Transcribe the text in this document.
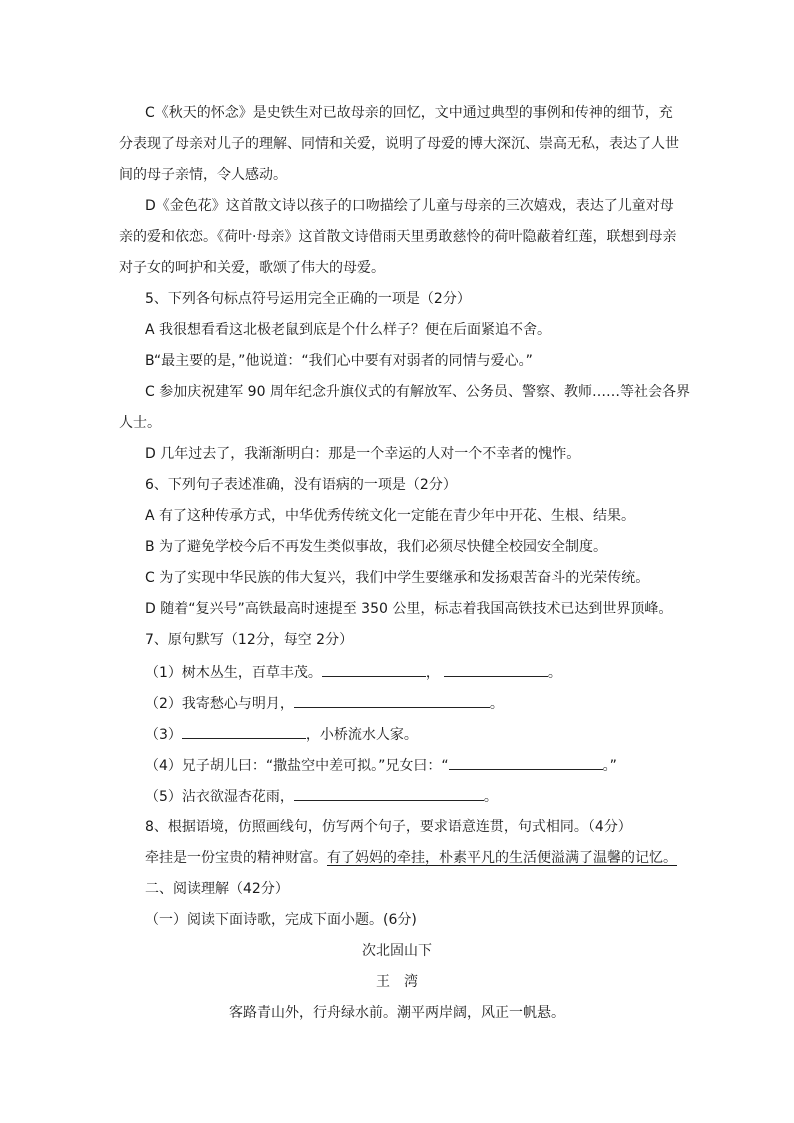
C《秋天的怀念》是史铁生对已故母亲的回忆，文中通过典型的事例和传神的细节，充
分表现了母亲对儿子的理解、同情和关爱，说明了母爱的博大深沉、崇高无私，表达了人世
间的母子亲情，令人感动。
D《金色花》这首散文诗以孩子的口吻描绘了儿童与母亲的三次嬉戏，表达了儿童对母
亲的爱和依恋。《荷叶·母亲》这首散文诗借雨天里勇敢慈怜的荷叶隐蔽着红莲，联想到母亲
对子女的呵护和关爱，歌颂了伟大的母爱。
5、下列各句标点符号运用完全正确的一项是（2分）
A 我很想看看这北极老鼠到底是个什么样子？便在后面紧追不舍。
B“最主要的是，”他说道：“我们心中要有对弱者的同情与爱心。”
C 参加庆祝建军 90 周年纪念升旗仪式的有解放军、公务员、警察、教师……等社会各界
人士。
D 几年过去了，我渐渐明白：那是一个幸运的人对一个不幸者的愧怍。
6、下列句子表述准确，没有语病的一项是（2分）
A 有了这种传承方式，中华优秀传统文化一定能在青少年中开花、生根、结果。
B 为了避免学校今后不再发生类似事故，我们必须尽快健全校园安全制度。
C 为了实现中华民族的伟大复兴，我们中学生要继承和发扬艰苦奋斗的光荣传统。
D 随着“复兴号”高铁最高时速提至 350 公里，标志着我国高铁技术已达到世界顶峰。
7、原句默写（12分，每空 2分）
（1）树木丛生，百草丰茂。	，	。
（2）我寄愁心与明月，	。
（3）	，小桥流水人家。
（4）兄子胡儿曰：“撒盐空中差可拟。”兄女曰：“	。”
（5）沾衣欲湿杏花雨，	。
8、根据语境，仿照画线句，仿写两个句子，要求语意连贯，句式相同。（4分）
牵挂是一份宝贵的精神财富。有了妈妈的牵挂，朴素平凡的生活便溢满了温馨的记忆。
二、阅读理解（42分）
（一）阅读下面诗歌，完成下面小题。(6分)
次北固山下
王　湾
客路青山外，行舟绿水前。潮平两岸阔，风正一帆悬。
